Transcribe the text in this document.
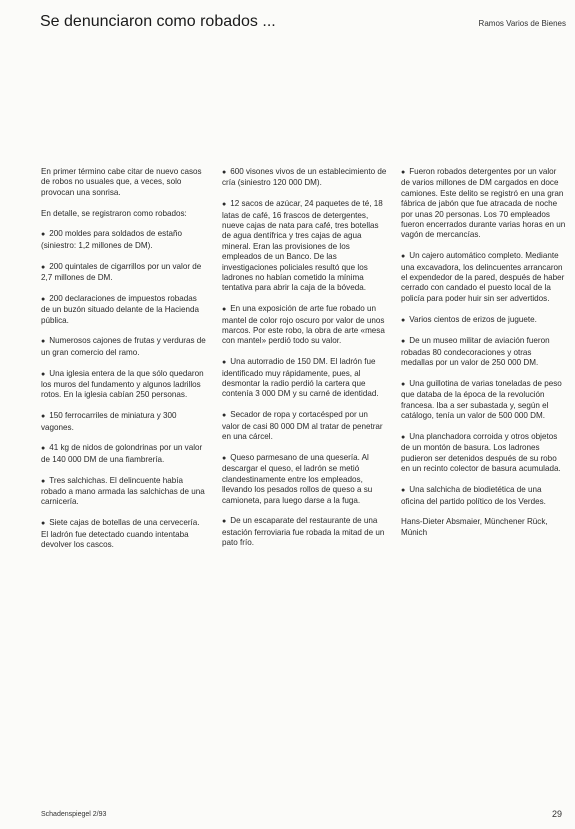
Se denunciaron como robados ...	Ramos Varios de Bienes

En primer término cabe citar de nuevo casos de robos no usuales que, a veces, solo provocan una sonrisa.

En detalle, se registraron como robados:

● 200 moldes para soldados de estaño (siniestro: 1,2 millones de DM).

● 200 quintales de cigarrillos por un valor de 2,7 millones de DM.

● 200 declaraciones de impuestos robadas de un buzón situado delante de la Hacienda pública.

● Numerosos cajones de frutas y verduras de un gran comercio del ramo.

● Una iglesia entera de la que sólo quedaron los muros del fundamento y algunos ladrillos rotos. En la iglesia cabían 250 personas.

● 150 ferrocarriles de miniatura y 300 vagones.

● 41 kg de nidos de golondrinas por un valor de 140 000 DM de una fiambrería.

● Tres salchichas. El delincuente había robado a mano armada las salchichas de una carnicería.

● Siete cajas de botellas de una cervecería. El ladrón fue detectado cuando intentaba devolver los cascos.

● 600 visones vivos de un establecimiento de cría (siniestro 120 000 DM).

● 12 sacos de azúcar, 24 paquetes de té, 18 latas de café, 16 frascos de detergentes, nueve cajas de nata para café, tres botellas de agua dentífrica y tres cajas de agua mineral. Eran las provisiones de los empleados de un Banco. De las investigaciones policiales resultó que los ladrones no habían cometido la mínima tentativa para abrir la caja de la bóveda.

● En una exposición de arte fue robado un mantel de color rojo oscuro por valor de unos marcos. Por este robo, la obra de arte «mesa con mantel» perdió todo su valor.

● Una autorradio de 150 DM. El ladrón fue identificado muy rápidamente, pues, al desmontar la radio perdió la cartera que contenía 3 000 DM y su carné de identidad.

● Secador de ropa y cortacésped por un valor de casi 80 000 DM al tratar de penetrar en una cárcel.

● Queso parmesano de una quesería. Al descargar el queso, el ladrón se metió clandestinamente entre los empleados, llevando los pesados rollos de queso a su camioneta, para luego darse a la fuga.

● De un escaparate del restaurante de una estación ferroviaria fue robada la mitad de un pato frío.

● Fueron robados detergentes por un valor de varios millones de DM cargados en doce camiones. Este delito se registró en una gran fábrica de jabón que fue atracada de noche por unas 20 personas. Los 70 empleados fueron encerrados durante varias horas en un vagón de mercancías.

● Un cajero automático completo. Mediante una excavadora, los delincuentes arrancaron el expendedor de la pared, después de haber cerrado con candado el puesto local de la policía para poder huir sin ser advertidos.

● Varios cientos de erizos de juguete.

● De un museo militar de aviación fueron robadas 80 condecoraciones y otras medallas por un valor de 250 000 DM.

● Una guillotina de varias toneladas de peso que databa de la época de la revolución francesa. Iba a ser subastada y, según el catálogo, tenía un valor de 500 000 DM.

● Una planchadora corroida y otros objetos de un montón de basura. Los ladrones pudieron ser detenidos después de su robo en un recinto colector de basura acumulada.

● Una salchicha de biodietética de una oficina del partido político de los Verdes.

Hans-Dieter Absmaier, Münchener Rück,

Múnich

Schadenspiegel 2/93	29
